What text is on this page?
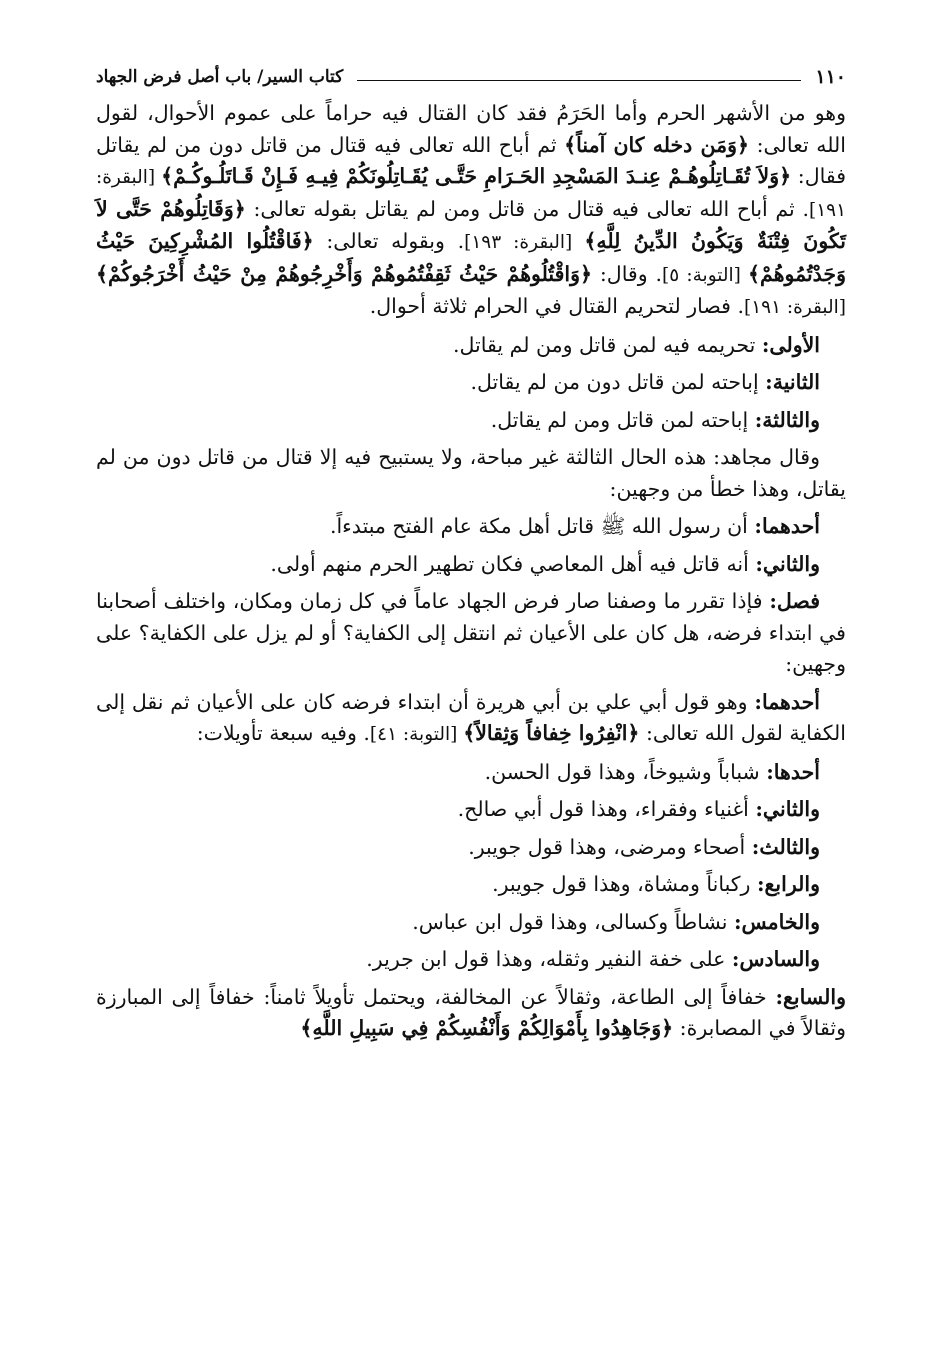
١١٠
كتاب السير/ باب أصل فرض الجهاد

وهو من الأشهر الحرم وأما الحَرَمُ فقد كان القتال فيه حراماً على عموم الأحوال، لقول الله تعالى: ﴿وَمَن دخله كان آمناً﴾ ثم أباح الله تعالى فيه قتال من قاتل دون من لم يقاتل فقال: ﴿وَلاَ تُقَـاتِلُوهُـمْ عِنـدَ المَسْجِدِ الحَـرَامِ حَتَّـى يُقَـاتِلُونَكُمْ فِيـهِ فَـإِنْ قَـاتَلُـوكُـمْ﴾ [البقرة: ١٩١]. ثم أباح الله تعالى فيه قتال من قاتل ومن لم يقاتل بقوله تعالى: ﴿وَقَاتِلُوهُمْ حَتَّى لاَ تَكُونَ فِتْنَةٌ وَيَكُونُ الدِّينُ لِلَّهِ﴾ [البقرة: ١٩٣]. وبقوله تعالى: ﴿فَاقْتُلُوا المُشْرِكِينَ حَيْثُ وَجَدْتُمُوهُمْ﴾ [التوبة: ٥]. وقال: ﴿وَاقْتُلُوهُمْ حَيْثُ ثَقِفْتُمُوهُمْ وَأَخْرِجُوهُمْ مِنْ حَيْثُ أَخْرَجُوكُمْ﴾ [البقرة: ١٩١]. فصار لتحريم القتال في الحرام ثلاثة أحوال.

الأولى: تحريمه فيه لمن قاتل ومن لم يقاتل.
الثانية: إباحته لمن قاتل دون من لم يقاتل.
والثالثة: إباحته لمن قاتل ومن لم يقاتل.

وقال مجاهد: هذه الحال الثالثة غير مباحة، ولا يستبيح فيه إلا قتال من قاتل دون من لم يقاتل، وهذا خطأ من وجهين:

أحدهما: أن رسول الله ﷺ قاتل أهل مكة عام الفتح مبتدءاً.
والثاني: أنه قاتل فيه أهل المعاصي فكان تطهير الحرم منهم أولى.

فصل: فإذا تقرر ما وصفنا صار فرض الجهاد عاماً في كل زمان ومكان، واختلف أصحابنا في ابتداء فرضه، هل كان على الأعيان ثم انتقل إلى الكفاية؟ أو لم يزل على الكفاية؟ على وجهين:

أحدهما: وهو قول أبي علي بن أبي هريرة أن ابتداء فرضه كان على الأعيان ثم نقل إلى الكفاية لقول الله تعالى: ﴿انْفِرُوا خِفافاً وَثِقالاً﴾ [التوبة: ٤١]. وفيه سبعة تأويلات:

أحدها: شباباً وشيوخاً، وهذا قول الحسن.
والثاني: أغنياء وفقراء، وهذا قول أبي صالح.
والثالث: أصحاء ومرضى، وهذا قول جويبر.
والرابع: ركباناً ومشاة، وهذا قول جويبر.
والخامس: نشاطاً وكسالى، وهذا قول ابن عباس.
والسادس: على خفة النفير وثقله، وهذا قول ابن جرير.

والسابع: خفافاً إلى الطاعة، وثقالاً عن المخالفة، ويحتمل تأويلاً ثامناً: خفافاً إلى المبارزة وثقالاً في المصابرة: ﴿وَجَاهِدُوا بِأَمْوَالِكُمْ وَأَنْفُسِكُمْ فِي سَبِيلِ اللَّهِ﴾
